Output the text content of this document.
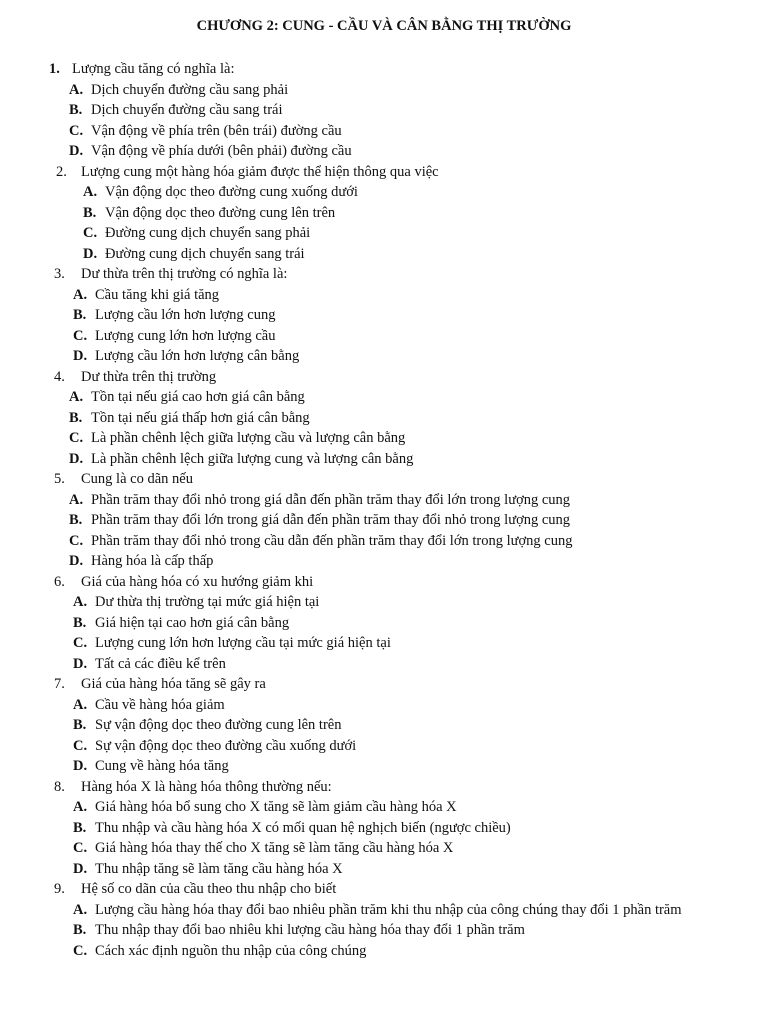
CHƯƠNG 2: CUNG - CẦU VÀ CÂN BẰNG THỊ TRƯỜNG
1. Lượng cầu tăng có nghĩa là:
A. Dịch chuyển đường cầu sang phải
B. Dịch chuyển đường cầu sang trái
C. Vận động về phía trên (bên trái) đường cầu
D. Vận động về phía dưới (bên phải) đường cầu
2. Lượng cung một hàng hóa giảm được thể hiện thông qua việc
A. Vận động dọc theo đường cung xuống dưới
B. Vận động dọc theo đường cung lên trên
C. Đường cung dịch chuyển sang phải
D. Đường cung dịch chuyển sang trái
3. Dư thừa trên thị trường có nghĩa là:
A. Cầu tăng khi giá tăng
B. Lượng cầu lớn hơn lượng cung
C. Lượng cung lớn hơn lượng cầu
D. Lượng cầu lớn hơn lượng cân bằng
4. Dư thừa trên thị trường
A. Tồn tại nếu giá cao hơn giá cân bằng
B. Tồn tại nếu giá thấp hơn giá cân bằng
C. Là phần chênh lệch giữa lượng cầu và lượng cân bằng
D. Là phần chênh lệch giữa lượng cung và lượng cân bằng
5. Cung là co dãn nếu
A. Phần trăm thay đổi nhỏ trong giá dẫn đến phần trăm thay đổi lớn trong lượng cung
B. Phần trăm thay đổi lớn trong giá dẫn đến phần trăm thay đổi nhỏ trong lượng cung
C. Phần trăm thay đổi nhỏ trong cầu dẫn đến phần trăm thay đổi lớn trong lượng cung
D. Hàng hóa là cấp thấp
6. Giá của hàng hóa có xu hướng giảm khi
A. Dư thừa thị trường tại mức giá hiện tại
B. Giá hiện tại cao hơn giá cân bằng
C. Lượng cung lớn hơn lượng cầu tại mức giá hiện tại
D. Tất cả các điều kể trên
7. Giá của hàng hóa tăng sẽ gây ra
A. Cầu về hàng hóa giảm
B. Sự vận động dọc theo đường cung lên trên
C. Sự vận động dọc theo đường cầu xuống dưới
D. Cung về hàng hóa tăng
8. Hàng hóa X là hàng hóa thông thường nếu:
A. Giá hàng hóa bổ sung cho X tăng sẽ làm giảm cầu hàng hóa X
B. Thu nhập và cầu hàng hóa X có mối quan hệ nghịch biến (ngược chiều)
C. Giá hàng hóa thay thế cho X tăng sẽ làm tăng cầu hàng hóa X
D. Thu nhập tăng sẽ làm tăng cầu hàng hóa X
9. Hệ số co dãn của cầu theo thu nhập cho biết
A. Lượng cầu hàng hóa thay đổi bao nhiêu phần trăm khi thu nhập của công chúng thay đổi 1 phần trăm
B. Thu nhập thay đổi bao nhiêu khi lượng cầu hàng hóa thay đổi 1 phần trăm
C. Cách xác định nguồn thu nhập của công chúng
